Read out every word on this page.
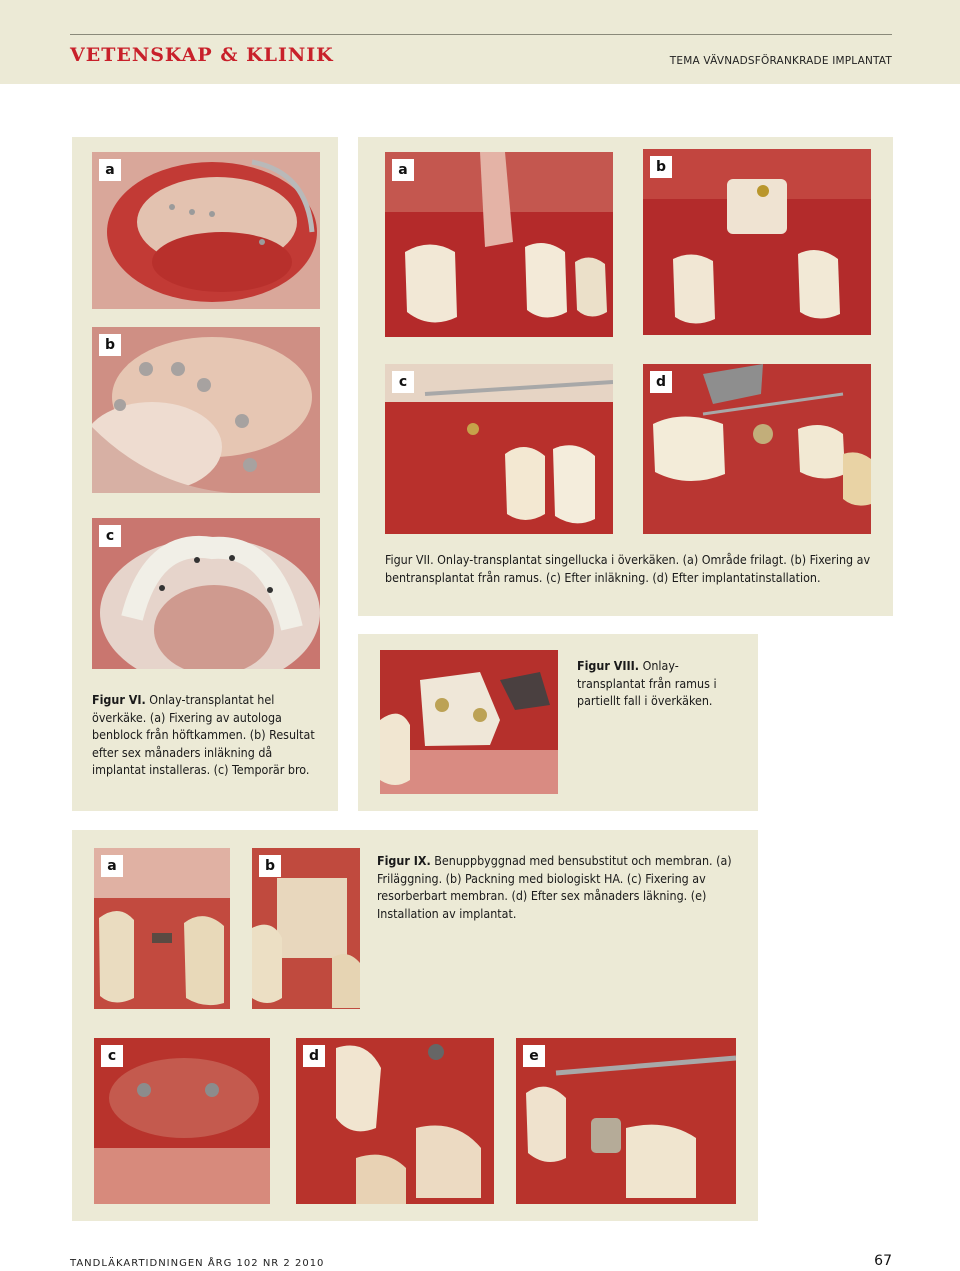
VETENSKAP & KLINIK	TEMA VÄVNADSFÖRANKRADE IMPLANTAT
a
b
c
Figur VI. Onlay-transplantat hel överkäke. (a) Fixering av autologa benblock från höftkammen. (b) Resultat efter sex månaders inläkning då implantat installeras. (c) Temporär bro.
a	b
c	d
Figur VII. Onlay-transplantat singellucka i överkäken. (a) Område frilagt. (b) Fixering av bentransplantat från ramus. (c) Efter inläkning. (d) Efter implantatinstallation.
Figur VIII. Onlay-transplantat från ramus i partiellt fall i överkäken.
a	b
c	d	e
Figur IX. Benuppbyggnad med bensubstitut och membran. (a) Friläggning. (b) Packning med biologiskt HA. (c) Fixering av resorberbart membran. (d) Efter sex månaders läkning. (e) Installation av implantat.
TANDLÄKARTIDNINGEN ÅRG 102 NR 2 2010	67
